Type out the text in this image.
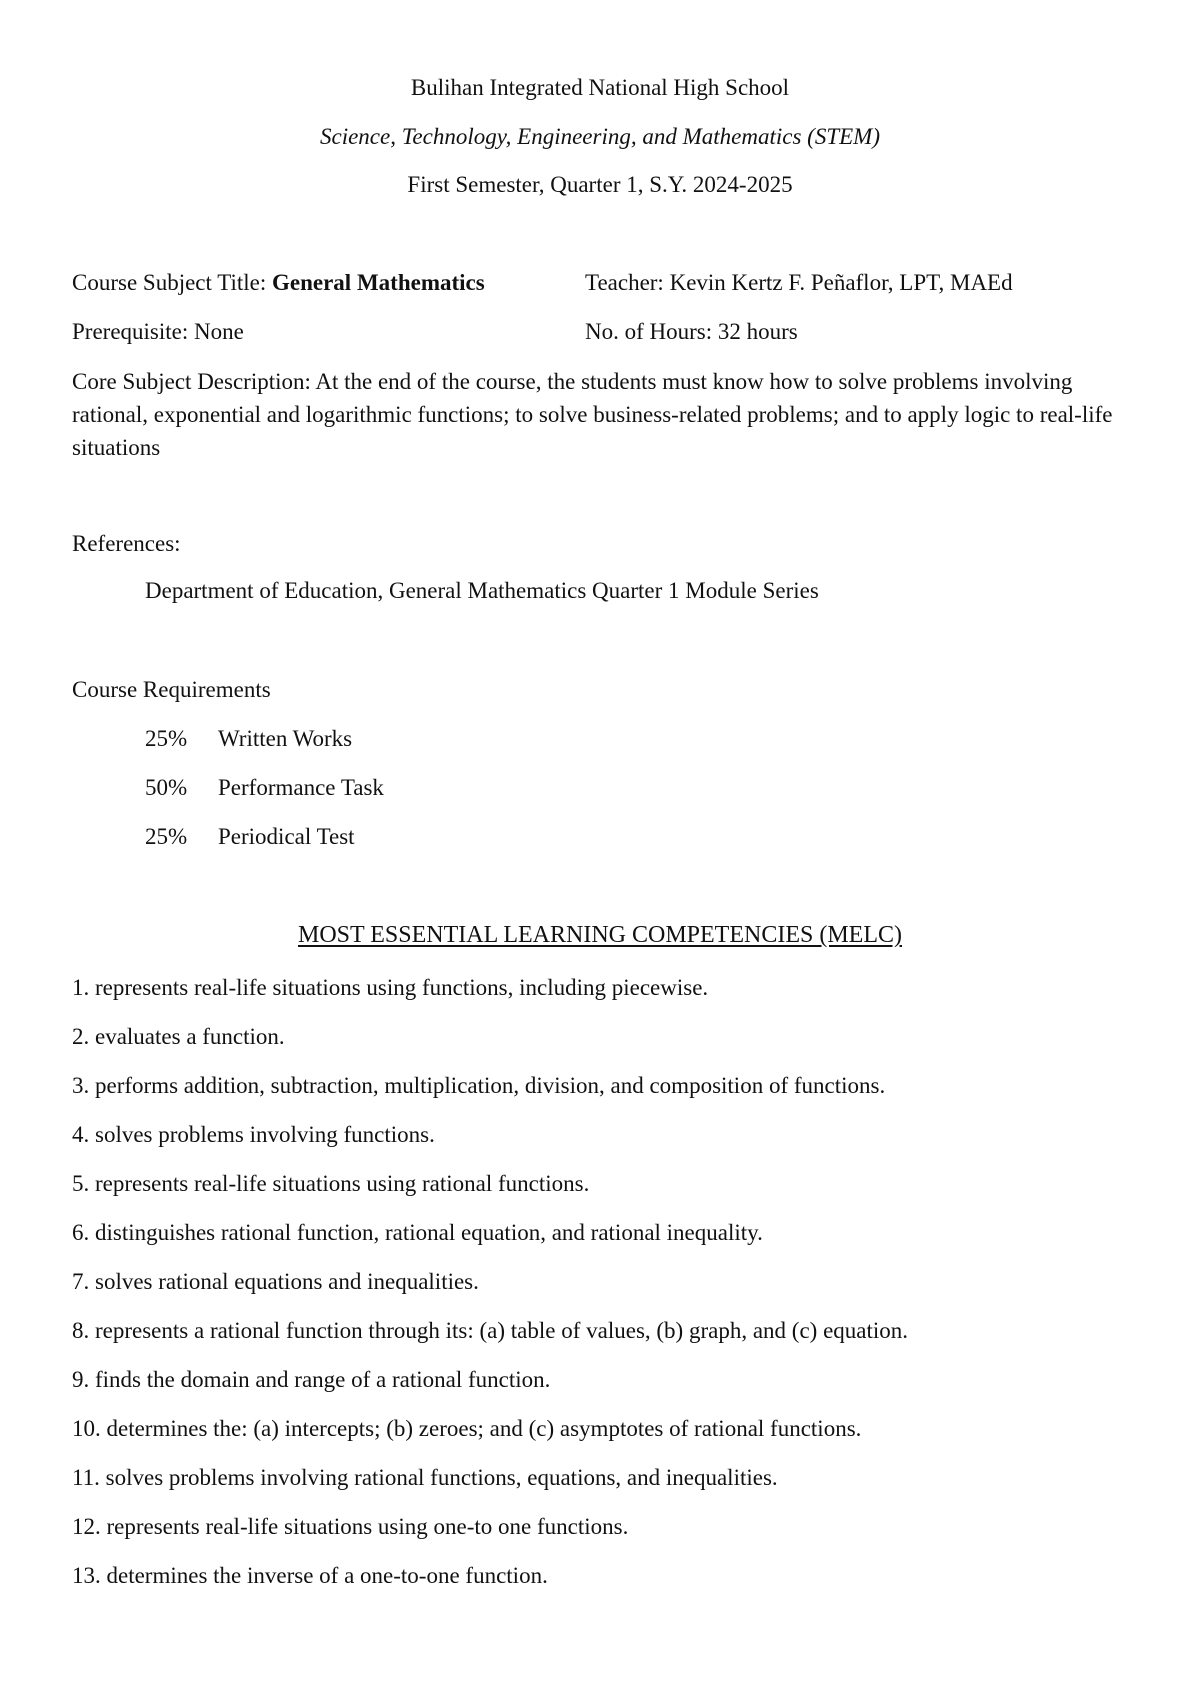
Bulihan Integrated National High School
Science, Technology, Engineering, and Mathematics (STEM)
First Semester, Quarter 1, S.Y. 2024-2025
Course Subject Title: General Mathematics	Teacher: Kevin Kertz F. Peñaflor, LPT, MAEd
Prerequisite: None	No. of Hours: 32 hours
Core Subject Description: At the end of the course, the students must know how to solve problems involving rational, exponential and logarithmic functions; to solve business-related problems; and to apply logic to real-life situations
References:
Department of Education, General Mathematics Quarter 1 Module Series
Course Requirements
25% Written Works
50% Performance Task
25% Periodical Test
MOST ESSENTIAL LEARNING COMPETENCIES (MELC)
1. represents real-life situations using functions, including piecewise.
2. evaluates a function.
3. performs addition, subtraction, multiplication, division, and composition of functions.
4. solves problems involving functions.
5. represents real-life situations using rational functions.
6. distinguishes rational function, rational equation, and rational inequality.
7. solves rational equations and inequalities.
8. represents a rational function through its: (a) table of values, (b) graph, and (c) equation.
9. finds the domain and range of a rational function.
10. determines the: (a) intercepts; (b) zeroes; and (c) asymptotes of rational functions.
11. solves problems involving rational functions, equations, and inequalities.
12. represents real-life situations using one-to one functions.
13. determines the inverse of a one-to-one function.
